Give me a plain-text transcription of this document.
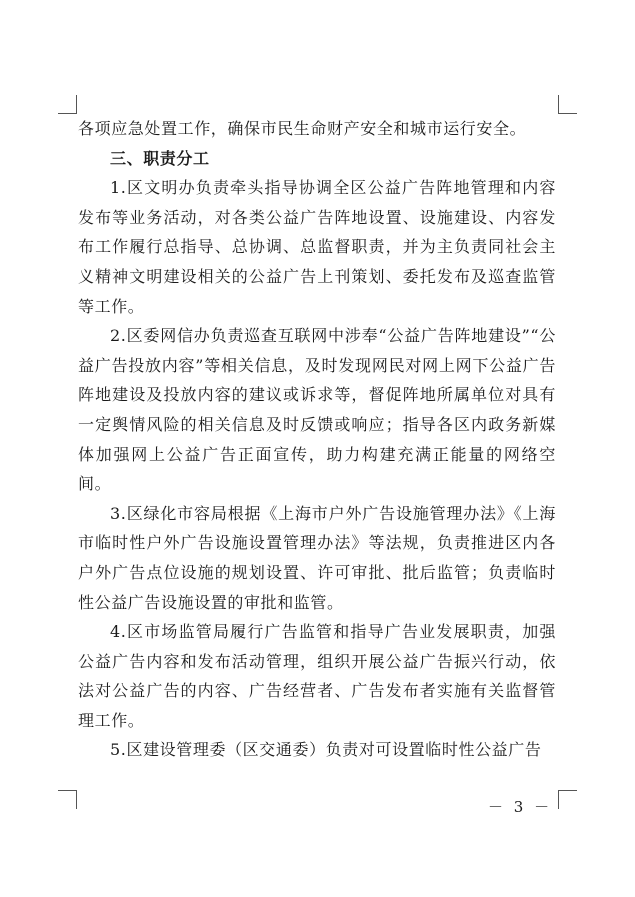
各项应急处置工作，确保市民生命财产安全和城市运行安全。

三、职责分工

1.区文明办负责牵头指导协调全区公益广告阵地管理和内容发布等业务活动，对各类公益广告阵地设置、设施建设、内容发布工作履行总指导、总协调、总监督职责，并为主负责同社会主义精神文明建设相关的公益广告上刊策划、委托发布及巡查监管等工作。

2.区委网信办负责巡查互联网中涉奉“公益广告阵地建设”“公益广告投放内容”等相关信息，及时发现网民对网上网下公益广告阵地建设及投放内容的建议或诉求等，督促阵地所属单位对具有一定舆情风险的相关信息及时反馈或响应；指导各区内政务新媒体加强网上公益广告正面宣传，助力构建充满正能量的网络空间。

3.区绿化市容局根据《上海市户外广告设施管理办法》《上海市临时性户外广告设施设置管理办法》等法规，负责推进区内各户外广告点位设施的规划设置、许可审批、批后监管；负责临时性公益广告设施设置的审批和监管。

4.区市场监管局履行广告监管和指导广告业发展职责，加强公益广告内容和发布活动管理，组织开展公益广告振兴行动，依法对公益广告的内容、广告经营者、广告发布者实施有关监督管理工作。

5.区建设管理委（区交通委）负责对可设置临时性公益广告

－ 3 －
